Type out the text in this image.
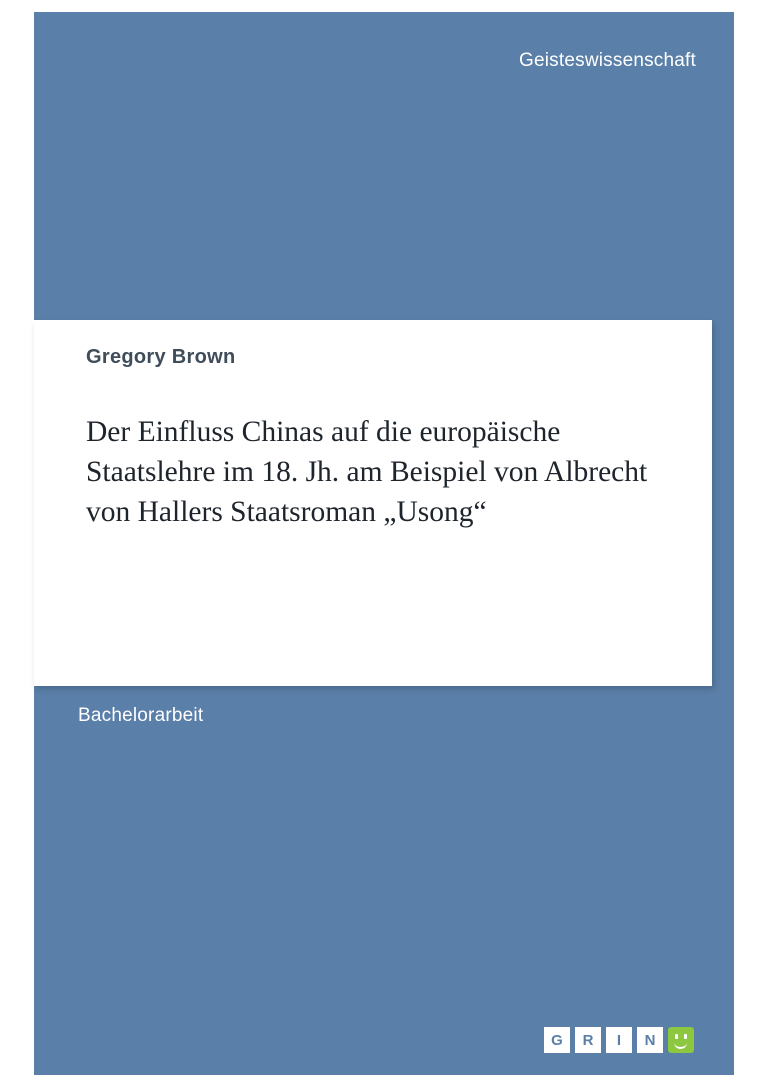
Geisteswissenschaft
Gregory Brown
Der Einfluss Chinas auf die europäische Staatslehre im 18. Jh. am Beispiel von Albrecht von Hallers Staatsroman „Usong“
Bachelorarbeit
G	R	I	N
